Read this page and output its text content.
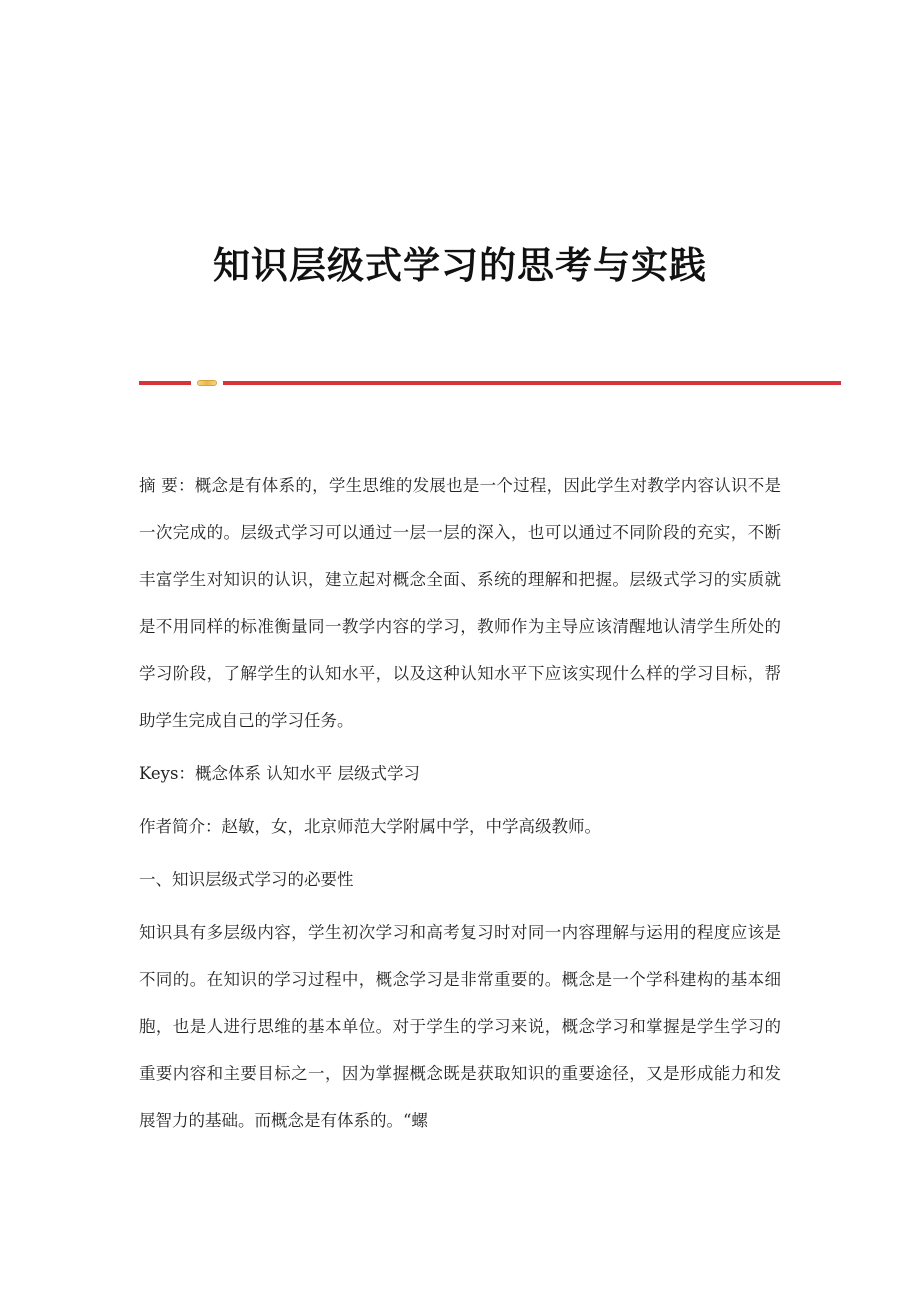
知识层级式学习的思考与实践

摘 要：概念是有体系的，学生思维的发展也是一个过程，因此学生对教学内容认识不是一次完成的。层级式学习可以通过一层一层的深入，也可以通过不同阶段的充实，不断丰富学生对知识的认识，建立起对概念全面、系统的理解和把握。层级式学习的实质就是不用同样的标准衡量同一教学内容的学习，教师作为主导应该清醒地认清学生所处的学习阶段，了解学生的认知水平，以及这种认知水平下应该实现什么样的学习目标，帮助学生完成自己的学习任务。

Keys：概念体系 认知水平 层级式学习

作者简介：赵敏，女，北京师范大学附属中学，中学高级教师。

一、知识层级式学习的必要性

知识具有多层级内容，学生初次学习和高考复习时对同一内容理解与运用的程度应该是不同的。在知识的学习过程中，概念学习是非常重要的。概念是一个学科建构的基本细胞，也是人进行思维的基本单位。对于学生的学习来说，概念学习和掌握是学生学习的重要内容和主要目标之一，因为掌握概念既是获取知识的重要途径，又是形成能力和发展智力的基础。而概念是有体系的。“螺
